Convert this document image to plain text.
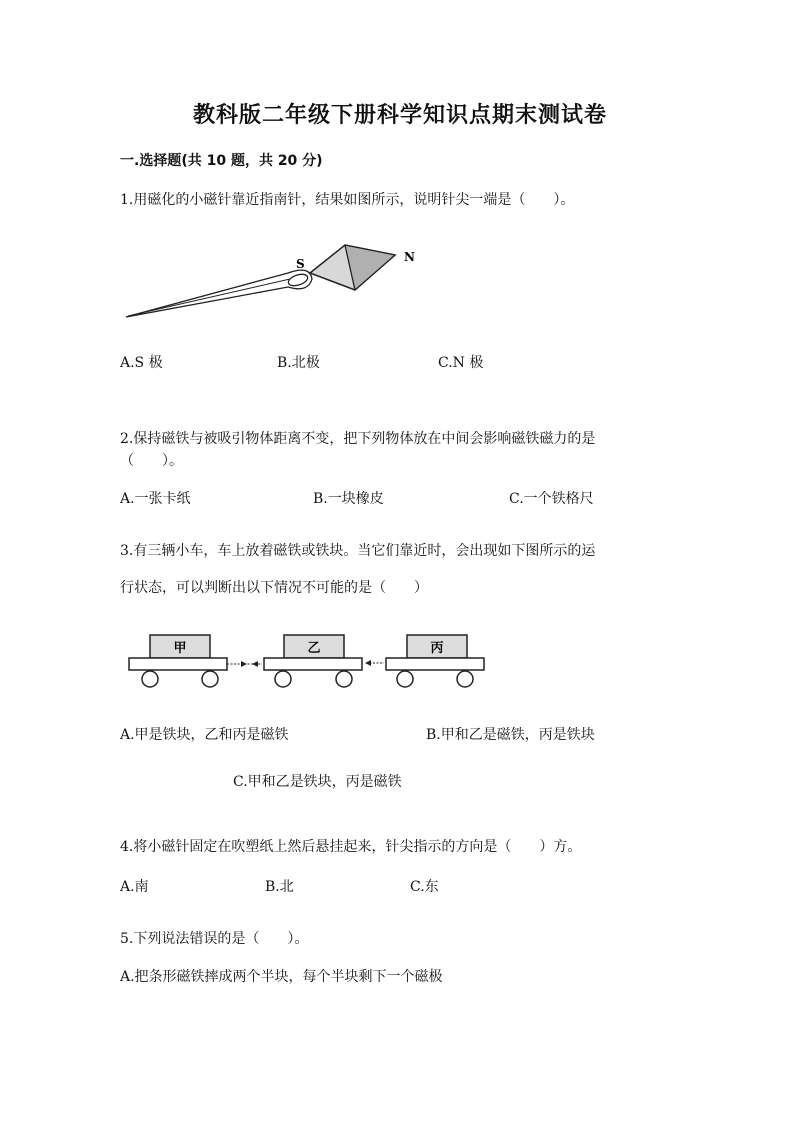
教科版二年级下册科学知识点期末测试卷
一.选择题(共 10 题，共 20 分)
1.用磁化的小磁针靠近指南针，结果如图所示，说明针尖一端是（　　）。
S	N
A.S 极	B.北极	C.N 极
2.保持磁铁与被吸引物体距离不变，把下列物体放在中间会影响磁铁磁力的是
（　　）。
A.一张卡纸	B.一块橡皮	C.一个铁格尺
3.有三辆小车，车上放着磁铁或铁块。当它们靠近时，会出现如下图所示的运
行状态，可以判断出以下情况不可能的是（　　）
甲	乙	丙
A.甲是铁块，乙和丙是磁铁	B.甲和乙是磁铁，丙是铁块
C.甲和乙是铁块，丙是磁铁
4.将小磁针固定在吹塑纸上然后悬挂起来，针尖指示的方向是（　　）方。
A.南	B.北	C.东
5.下列说法错误的是（　　）。
A.把条形磁铁摔成两个半块，每个半块剩下一个磁极
